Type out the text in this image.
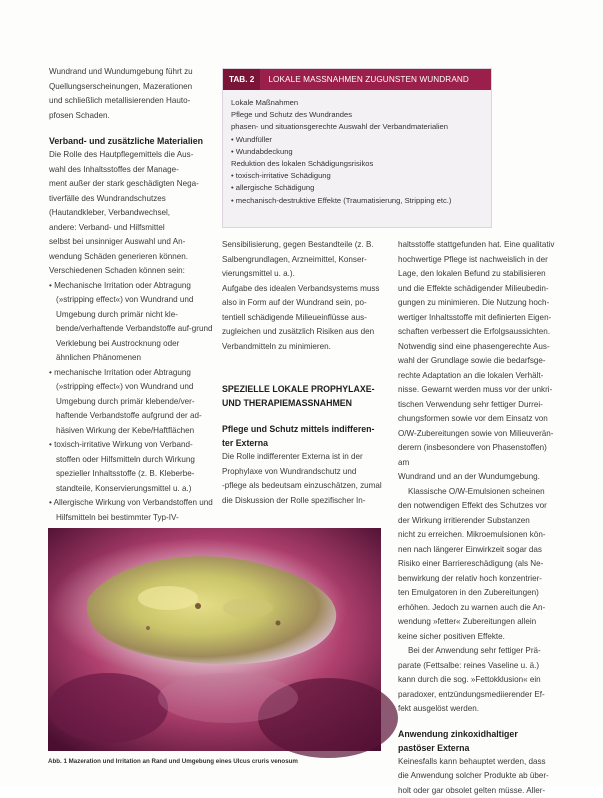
Wundrand und Wundumgebung führt zu

Quellungserscheinungen, Mazerationen

und schließlich metallisierenden Hauto-

pfosen Schaden.

Verband- und zusätzliche Materialien

Die Rolle des Hautpflegemittels die Aus-

wahl des Inhaltsstoffes der Manage-

ment außer der stark geschädigten Nega-

tiverfälle des Wundrandschutzes

(Hautandkleber, Verbandwechsel,

andere: Verband- und Hilfsmittel

selbst bei unsinniger Auswahl und An-

wendung Schäden generieren können.

Verschiedenen Schaden können sein:

• Mechanische Irritation oder Abtragung (»stripping effect«) von Wundrand und Umgebung durch primär nicht kle-bende/verhaftende Verbandstoffe auf-grund Verklebung bei Austrocknung oder ähnlichen Phänomenen
• mechanische Irritation oder Abtragung (»stripping effect«) von Wundrand und Umgebung durch primär klebende/ver-haftende Verbandstoffe aufgrund der ad-häsiven Wirkung der Kebe/Haftflächen
• toxisch-irritative Wirkung von Verband-stoffen oder Hilfsmitteln durch Wirkung spezieller Inhaltsstoffe (z. B. Kleberbe-standteile, Konservierungsmittel u. a.)
• Allergische Wirkung von Verbandstoffen und Hilfsmitteln bei bestimmter Typ-IV-
TAB. 2	LOKALE MASSNAHMEN ZUGUNSTEN WUNDRAND
Lokale Maßnahmen
Pflege und Schutz des Wundrandes
phasen- und situationsgerechte Auswahl der Verbandmaterialien
• Wundfüller
• Wundabdeckung
Reduktion des lokalen Schädigungsrisikos
• toxisch-irritative Schädigung
• allergische Schädigung
• mechanisch-destruktive Effekte (Traumatisierung, Stripping etc.)

Sensibilisierung, gegen Bestandteile (z. B.

Salbengrundlagen, Arzneimittel, Konser-

vierungsmittel u. a.).

Aufgabe des idealen Verbandsystems muss

also in Form auf der Wundrand sein, po-

tentiell schädigende Milieueinflüsse aus-

zugleichen und zusätzlich Risiken aus den

Verbandmitteln zu minimieren.

SPEZIELLE LOKALE PROPHYLAXE-
UND THERAPIEMASSNAHMEN
Pflege und Schutz mittels indifferen-
ter Externa

Die Rolle indifferenter Externa ist in der

Prophylaxe von Wundrandschutz und

-pflege als bedeutsam einzuschätzen, zumal

die Diskussion der Rolle spezifischer In-

haltsstoffe stattgefunden hat. Eine qualitativ

hochwertige Pflege ist nachweislich in der

Lage, den lokalen Befund zu stabilisieren

und die Effekte schädigender Milieubedin-

gungen zu minimieren. Die Nutzung hoch-

wertiger Inhaltsstoffe mit definierten Eigen-

schaften verbessert die Erfolgsaussichten.

Notwendig sind eine phasengerechte Aus-

wahl der Grundlage sowie die bedarfsge-

rechte Adaptation an die lokalen Verhält-

nisse. Gewarnt werden muss vor der unkri-

tischen Verwendung sehr fettiger Durrei-

chungsformen sowie vor dem Einsatz von

O/W-Zubereitungen sowie von Milieuverän-

derern (insbesondere von Phasenstoffen) am

Wundrand und an der Wundumgebung.

Klassische O/W-Emulsionen scheinen

den notwendigen Effekt des Schutzes vor

der Wirkung irritierender Substanzen

nicht zu erreichen. Mikroemulsionen kön-

nen nach längerer Einwirkzeit sogar das

Risiko einer Barriereschädigung (als Ne-

benwirkung der relativ hoch konzentrier-

ten Emulgatoren in den Zubereitungen)

erhöhen. Jedoch zu warnen auch die An-

wendung »fetter« Zubereitungen allein

keine sicher positiven Effekte.

Bei der Anwendung sehr fettiger Prä-

parate (Fettsalbe: reines Vaseline u. ä.)

kann durch die sog. »Fettokklusion« ein

paradoxer, entzündungsmediierender Ef-

fekt ausgelöst werden.

Anwendung zinkoxidhaltiger
pastöser Externa

Keinesfalls kann behauptet werden, dass

die Anwendung solcher Produkte ab über-

holt oder gar obsolet gelten müsse. Aller-

Abb. 1 Mazeration und Irritation an Rand und Umgebung eines Ulcus cruris venosum
